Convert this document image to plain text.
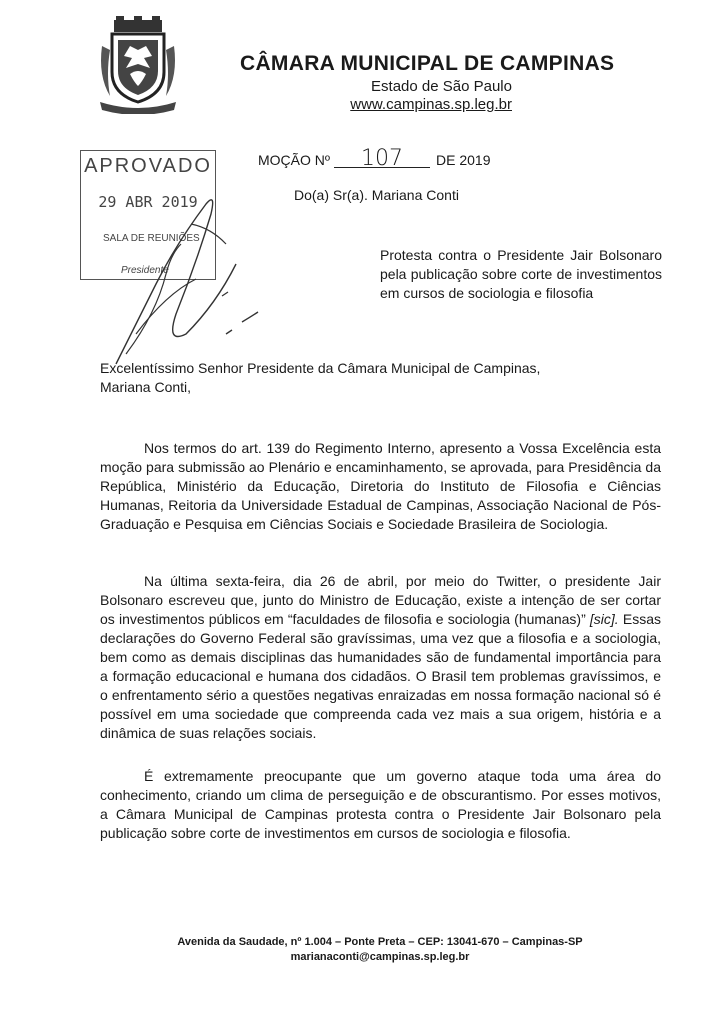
CÂMARA MUNICIPAL DE CAMPINAS
Estado de São Paulo
www.campinas.sp.leg.br
APROVADO
29 ABR 2019
SALA DE REUNIÕES
Presidente
MOÇÃO Nº 107 DE 2019
Do(a) Sr(a). Mariana Conti
Protesta contra o Presidente Jair Bolsonaro pela publicação sobre corte de investimentos em cursos de sociologia e filosofia
Excelentíssimo Senhor Presidente da Câmara Municipal de Campinas,
Mariana Conti,
Nos termos do art. 139 do Regimento Interno, apresento a Vossa Excelência esta moção para submissão ao Plenário e encaminhamento, se aprovada, para Presidência da República, Ministério da Educação, Diretoria do Instituto de Filosofia e Ciências Humanas, Reitoria da Universidade Estadual de Campinas, Associação Nacional de Pós-Graduação e Pesquisa em Ciências Sociais e Sociedade Brasileira de Sociologia.
Na última sexta-feira, dia 26 de abril, por meio do Twitter, o presidente Jair Bolsonaro escreveu que, junto do Ministro de Educação, existe a intenção de ser cortar os investimentos públicos em “faculdades de filosofia e sociologia (humanas)” [sic]. Essas declarações do Governo Federal são gravíssimas, uma vez que a filosofia e a sociologia, bem como as demais disciplinas das humanidades são de fundamental importância para a formação educacional e humana dos cidadãos. O Brasil tem problemas gravíssimos, e o enfrentamento sério a questões negativas enraizadas em nossa formação nacional só é possível em uma sociedade que compreenda cada vez mais a sua origem, história e a dinâmica de suas relações sociais.
É extremamente preocupante que um governo ataque toda uma área do conhecimento, criando um clima de perseguição e de obscurantismo. Por esses motivos, a Câmara Municipal de Campinas protesta contra o Presidente Jair Bolsonaro pela publicação sobre corte de investimentos em cursos de sociologia e filosofia.
Avenida da Saudade, nº 1.004 – Ponte Preta – CEP: 13041-670 – Campinas-SP
marianaconti@campinas.sp.leg.br
